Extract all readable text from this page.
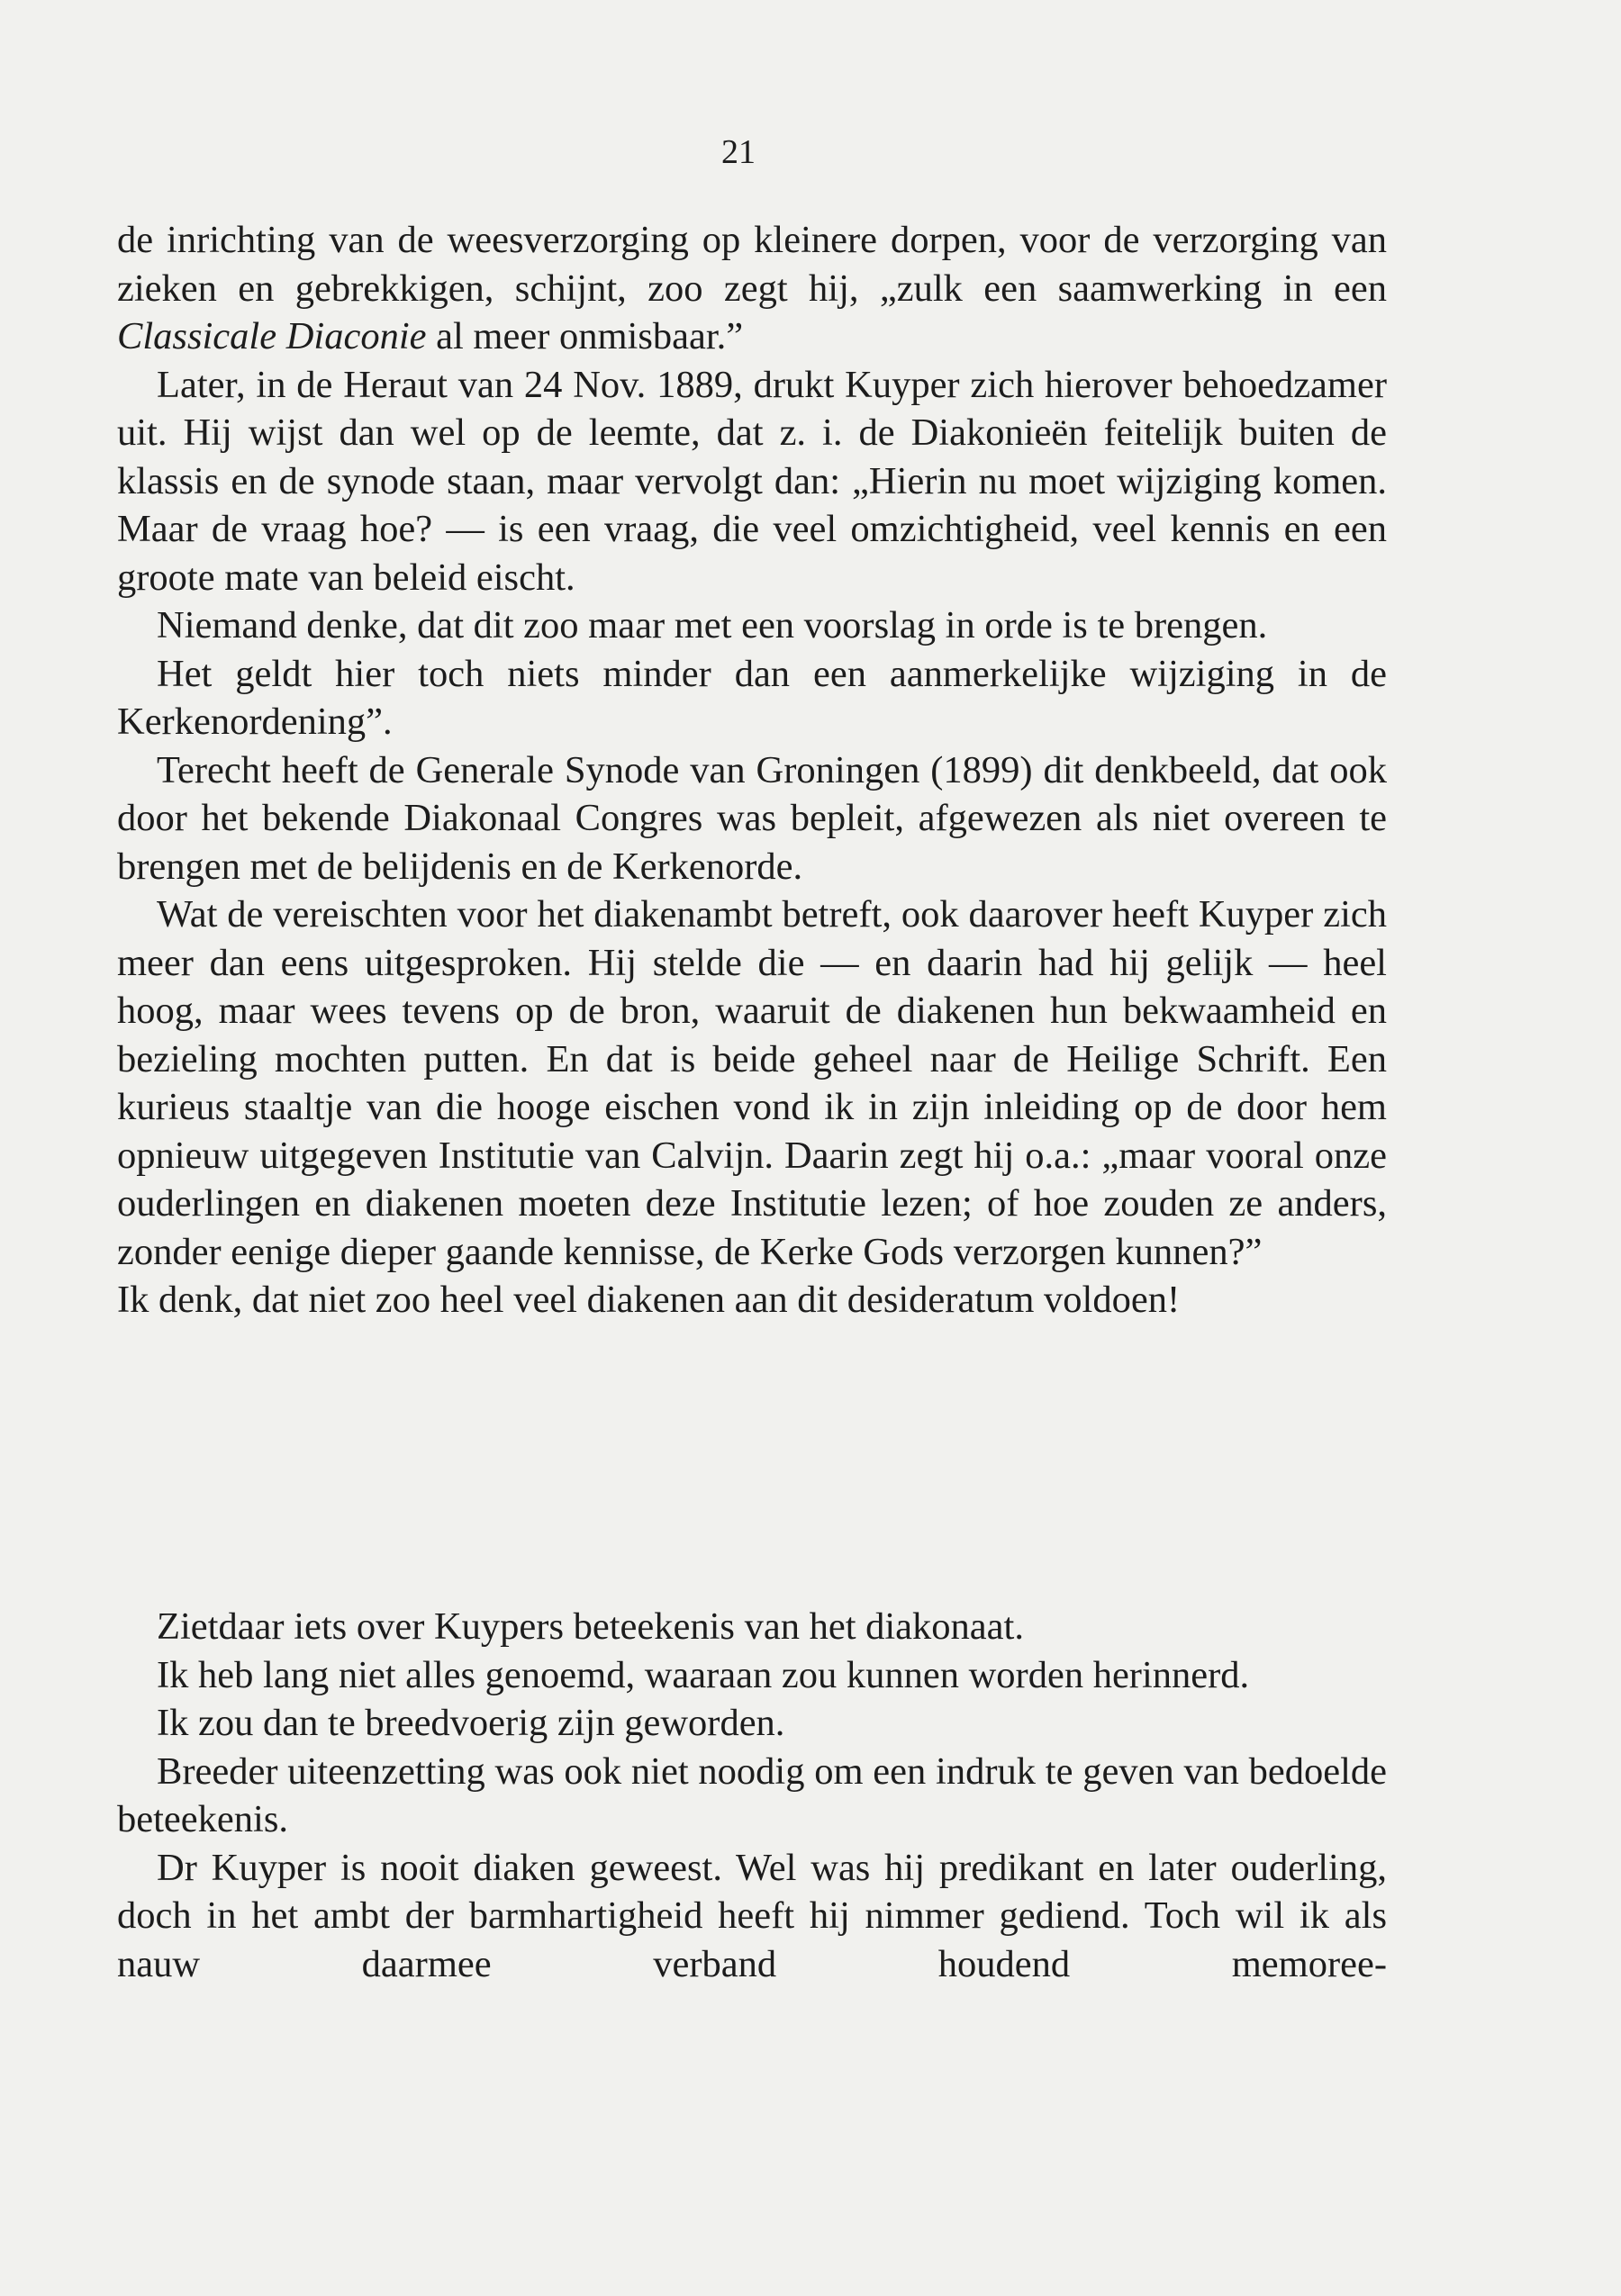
21

de inrichting van de weesverzorging op kleinere dorpen, voor de verzorging van zieken en gebrekkigen, schijnt, zoo zegt hij, „zulk een saamwerking in een Classicale Diaconie al meer onmisbaar.”

Later, in de Heraut van 24 Nov. 1889, drukt Kuyper zich hierover behoedzamer uit. Hij wijst dan wel op de leemte, dat z. i. de Diakonieën feitelijk buiten de klassis en de synode staan, maar vervolgt dan: „Hierin nu moet wijziging komen. Maar de vraag hoe? — is een vraag, die veel omzichtigheid, veel kennis en een groote mate van beleid eischt.

Niemand denke, dat dit zoo maar met een voorslag in orde is te brengen.

Het geldt hier toch niets minder dan een aanmerkelijke wijziging in de Kerkenordening”.

Terecht heeft de Generale Synode van Groningen (1899) dit denkbeeld, dat ook door het bekende Diakonaal Congres was bepleit, afgewezen als niet overeen te brengen met de belijdenis en de Kerkenorde.

Wat de vereischten voor het diakenambt betreft, ook daarover heeft Kuyper zich meer dan eens uitgesproken. Hij stelde die — en daarin had hij gelijk — heel hoog, maar wees tevens op de bron, waaruit de diakenen hun bekwaamheid en bezieling mochten putten. En dat is beide geheel naar de Heilige Schrift. Een kurieus staaltje van die hooge eischen vond ik in zijn inleiding op de door hem opnieuw uitgegeven Institutie van Calvijn. Daarin zegt hij o.a.: „maar vooral onze ouderlingen en diakenen moeten deze Institutie lezen; of hoe zouden ze anders, zonder eenige dieper gaande kennisse, de Kerke Gods verzorgen kunnen?”

Ik denk, dat niet zoo heel veel diakenen aan dit desideratum voldoen!

Zietdaar iets over Kuypers beteekenis van het diakonaat.

Ik heb lang niet alles genoemd, waaraan zou kunnen worden herinnerd.

Ik zou dan te breedvoerig zijn geworden.

Breeder uiteenzetting was ook niet noodig om een indruk te geven van bedoelde beteekenis.

Dr Kuyper is nooit diaken geweest. Wel was hij predikant en later ouderling, doch in het ambt der barmhartigheid heeft hij nimmer gediend. Toch wil ik als nauw daarmee verband houdend memoree-
